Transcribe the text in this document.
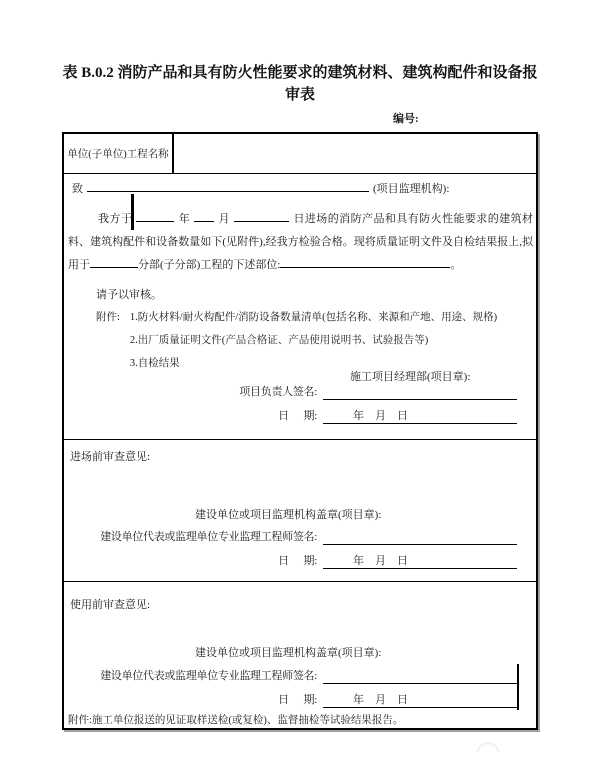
表 B.0.2 消防产品和具有防火性能要求的建筑材料、建筑构配件和设备报审表
编号:
单位(子单位)工程名称
致	(项目监理机构):
我方于	年	月	日进场的消防产品和具有防火性能要求的建筑材料、建筑构配件和设备数量如下(见附件),经我方检验合格。现将质量证明文件及自检结果报上,拟用于	分部(子分部)工程的下述部位:	。
请予以审核。
附件: 1.防火材料/耐火构配件/消防设备数量清单(包括名称、来源和产地、用途、规格)
2.出厂质量证明文件(产品合格证、产品使用说明书、试验报告等)
3.自检结果
施工项目经理部(项目章):
项目负责人签名:
日      期:	年    月    日
进场前审查意见:
建设单位或项目监理机构盖章(项目章):
建设单位代表或监理单位专业监理工程师签名:
日      期:	年    月    日
使用前审查意见:
建设单位或项目监理机构盖章(项目章):
建设单位代表或监理单位专业监理工程师签名:
日      期:	年    月    日
附件:施工单位报送的见证取样送检(或复检)、监督抽检等试验结果报告。
